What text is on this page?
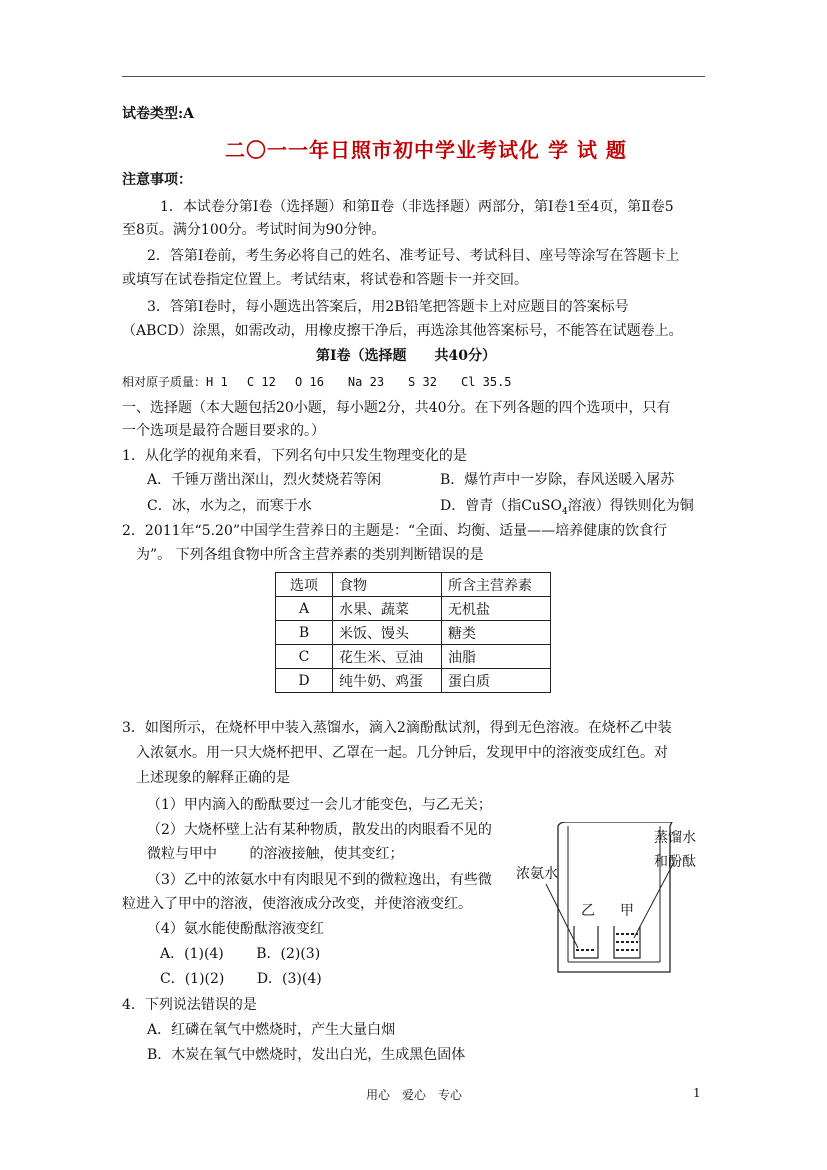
试卷类型:A
二〇一一年日照市初中学业考试化 学 试 题
注意事项：
1．本试卷分第Ⅰ卷（选择题）和第Ⅱ卷（非选择题）两部分，第Ⅰ卷1至4页，第Ⅱ卷5
至8页。满分100分。考试时间为90分钟。
2．答第Ⅰ卷前，考生务必将自己的姓名、准考证号、考试科目、座号等涂写在答题卡上
或填写在试卷指定位置上。考试结束，将试卷和答题卡一并交回。
3．答第Ⅰ卷时，每小题选出答案后，用2B铅笔把答题卡上对应题目的答案标号
（ABCD）涂黑，如需改动，用橡皮擦干净后，再选涂其他答案标号，不能答在试题卷上。
第Ⅰ卷（选择题　　共40分）
相对原子质量：H 1　 C 12　 O 16　　Na 23　　S 32　　Cl 35.5
一、选择题（本大题包括20小题，每小题2分，共40分。在下列各题的四个选项中，只有
一个选项是最符合题目要求的。）
1．从化学的视角来看，下列名句中只发生物理变化的是
A．千锤万凿出深山，烈火焚烧若等闲	B．爆竹声中一岁除，春风送暖入屠苏
C．冰，水为之，而寒于水	D．曾青（指CuSO$_4$溶液）得铁则化为铜
2．2011年“5.20”中国学生营养日的主题是：“全面、均衡、适量——培养健康的饮食行
为”。 下列各组食物中所含主营养素的类别判断错误的是
选项	食物	所含主营养素
A	水果、蔬菜	无机盐
B	米饭、馒头	糖类
C	花生米、豆油	油脂
D	纯牛奶、鸡蛋	蛋白质
3．如图所示，在烧杯甲中装入蒸馏水，滴入2滴酚酞试剂，得到无色溶液。在烧杯乙中装
入浓氨水。用一只大烧杯把甲、乙罩在一起。几分钟后，发现甲中的溶液变成红色。对
上述现象的解释正确的是
（1）甲内滴入的酚酞要过一会儿才能变色，与乙无关；
（2）大烧杯壁上沾有某种物质，散发出的肉眼看不见的
微粒与甲中　　 的溶液接触，使其变红；
（3）乙中的浓氨水中有肉眼见不到的微粒逸出，有些微
粒进入了甲中的溶液，使溶液成分改变，并使溶液变红。
（4）氨水能使酚酞溶液变红
A．(1)(4)　　 B．(2)(3)
C．(1)(2)　　 D．(3)(4)
蒸馏水
和酚酞
浓氨水
乙 甲
4．下列说法错误的是
A．红磷在氧气中燃烧时，产生大量白烟
B．木炭在氧气中燃烧时，发出白光，生成黑色固体
用心　爱心　专心	1
